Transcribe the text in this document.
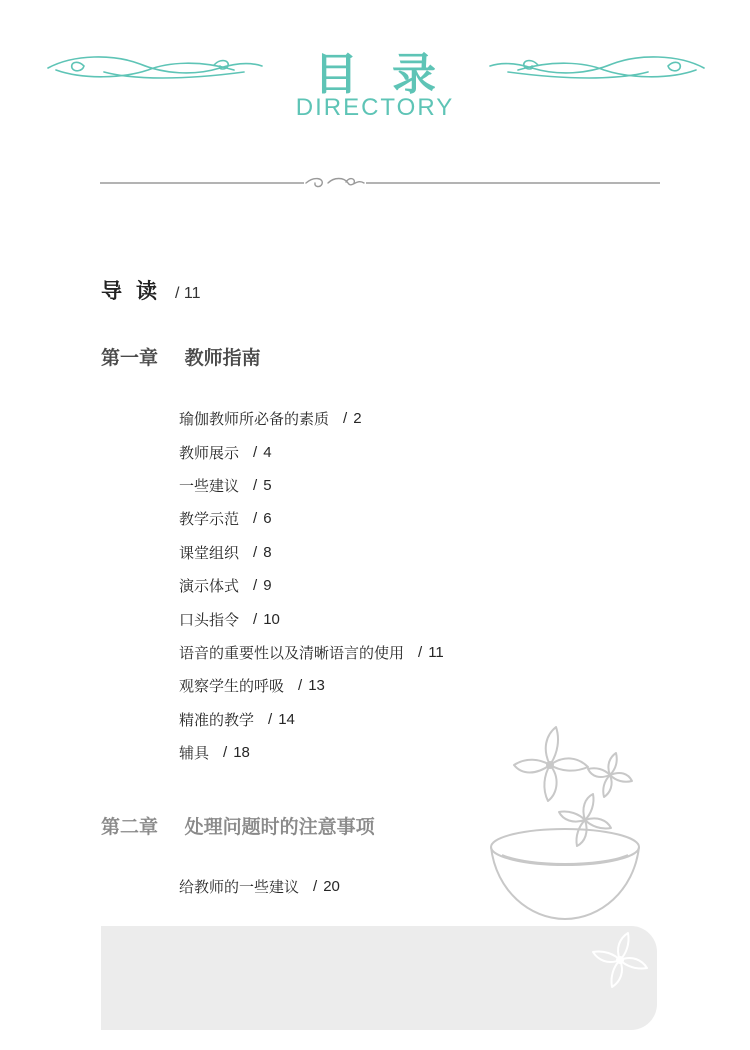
目录
DIRECTORY
导读 / 11
第一章 教师指南
瑜伽教师所必备的素质 / 2
教师展示 / 4
一些建议 / 5
教学示范 / 6
课堂组织 / 8
演示体式 / 9
口头指令 / 10
语音的重要性以及清晰语言的使用 / 11
观察学生的呼吸 / 13
精准的教学 / 14
辅具 / 18
第二章 处理问题时的注意事项
给教师的一些建议 / 20
